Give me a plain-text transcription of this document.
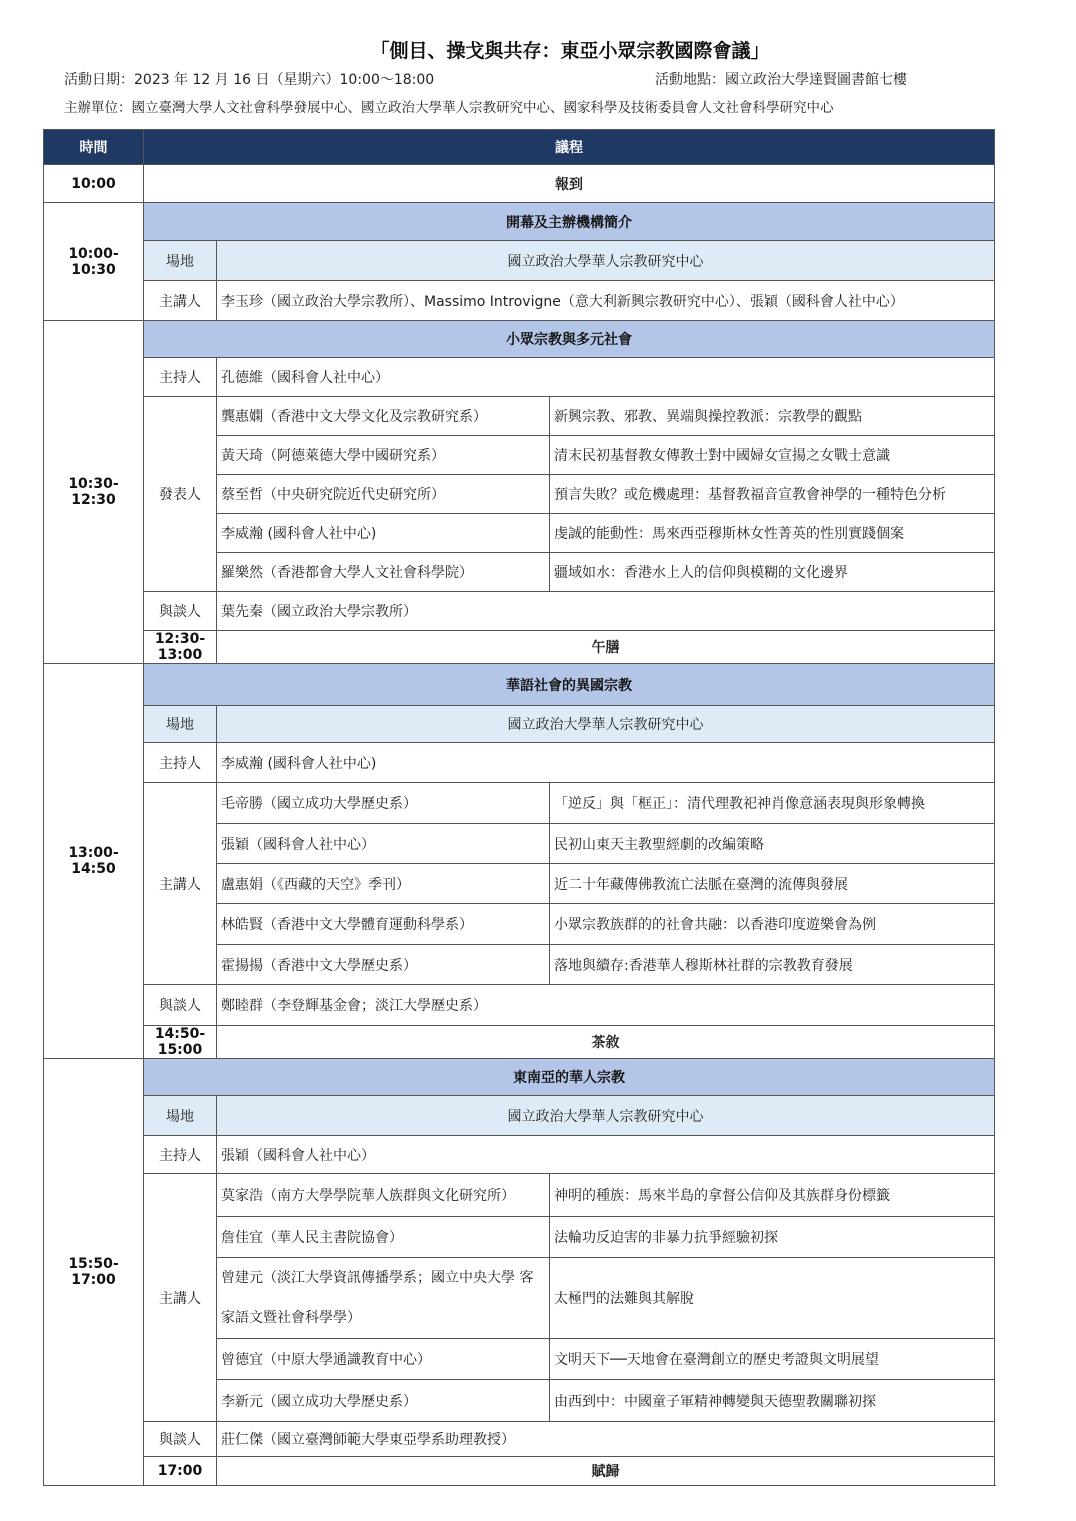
「側目、操戈與共存：東亞小眾宗教國際會議」
活動日期：2023 年 12 月 16 日（星期六）10:00～18:00	活動地點：國立政治大學達賢圖書館七樓
主辦單位：國立臺灣大學人文社會科學發展中心、國立政治大學華人宗教研究中心、國家科學及技術委員會人文社會科學研究中心
時間	議程		
10:00	報到		
10:00-10:30	開幕及主辦機構簡介		
	場地	國立政治大學華人宗教研究中心	
	主講人	李玉珍（國立政治大學宗教所）、Massimo Introvigne（意大利新興宗教研究中心）、張穎（國科會人社中心）	
10:30-12:30	小眾宗教與多元社會		
	主持人	孔德維（國科會人社中心）	
	發表人	龔惠嫻（香港中文大學文化及宗教研究系）	新興宗教、邪教、異端與操控教派：宗教學的觀點
		黃天琦（阿德萊德大學中國研究系）	清末民初基督教女傳教士對中國婦女宣揚之女戰士意識
		蔡至哲（中央研究院近代史研究所）	預言失敗？或危機處理：基督教福音宣教會神學的一種特色分析
		李威瀚 (國科會人社中心)	虔誠的能動性：馬來西亞穆斯林女性菁英的性別實踐個案
		羅樂然（香港都會大學人文社會科學院）	疆域如水：香港水上人的信仰與模糊的文化邊界
	與談人	葉先秦（國立政治大學宗教所）	
	12:30-13:00	午膳	
13:00-14:50	華語社會的異國宗教		
	場地	國立政治大學華人宗教研究中心	
	主持人	李威瀚 (國科會人社中心)	
	主講人	毛帝勝（國立成功大學歷史系）	「逆反」與「框正」：清代理教祀神肖像意涵表現與形象轉換
		張穎（國科會人社中心）	民初山東天主教聖經劇的改編策略
		盧惠娟（《西藏的天空》季刊）	近二十年藏傳佛教流亡法脈在臺灣的流傳與發展
		林皓賢（香港中文大學體育運動科學系）	小眾宗教族群的的社會共融：以香港印度遊樂會為例
		霍揚揚（香港中文大學歷史系）	落地與續存:香港華人穆斯林社群的宗教教育發展
	與談人	鄭睦群（李登輝基金會；淡江大學歷史系）	
	14:50-15:00	茶敘	
15:50-17:00	東南亞的華人宗教		
	場地	國立政治大學華人宗教研究中心	
	主持人	張穎（國科會人社中心）	
	主講人	莫家浩（南方大學學院華人族群與文化研究所）	神明的種族：馬來半島的拿督公信仰及其族群身份標籤
		詹佳宜（華人民主書院協會）	法輪功反迫害的非暴力抗爭經驗初探
		曾建元（淡江大學資訊傳播學系；國立中央大學 客家語文暨社會科學學）	太極門的法難與其解脫
		曾德宜（中原大學通識教育中心）	文明天下──天地會在臺灣創立的歷史考證與文明展望
		李新元（國立成功大學歷史系）	由西到中：中國童子軍精神轉變與天德聖教關聯初探
	與談人	莊仁傑（國立臺灣師範大學東亞學系助理教授）	
	17:00	賦歸	
